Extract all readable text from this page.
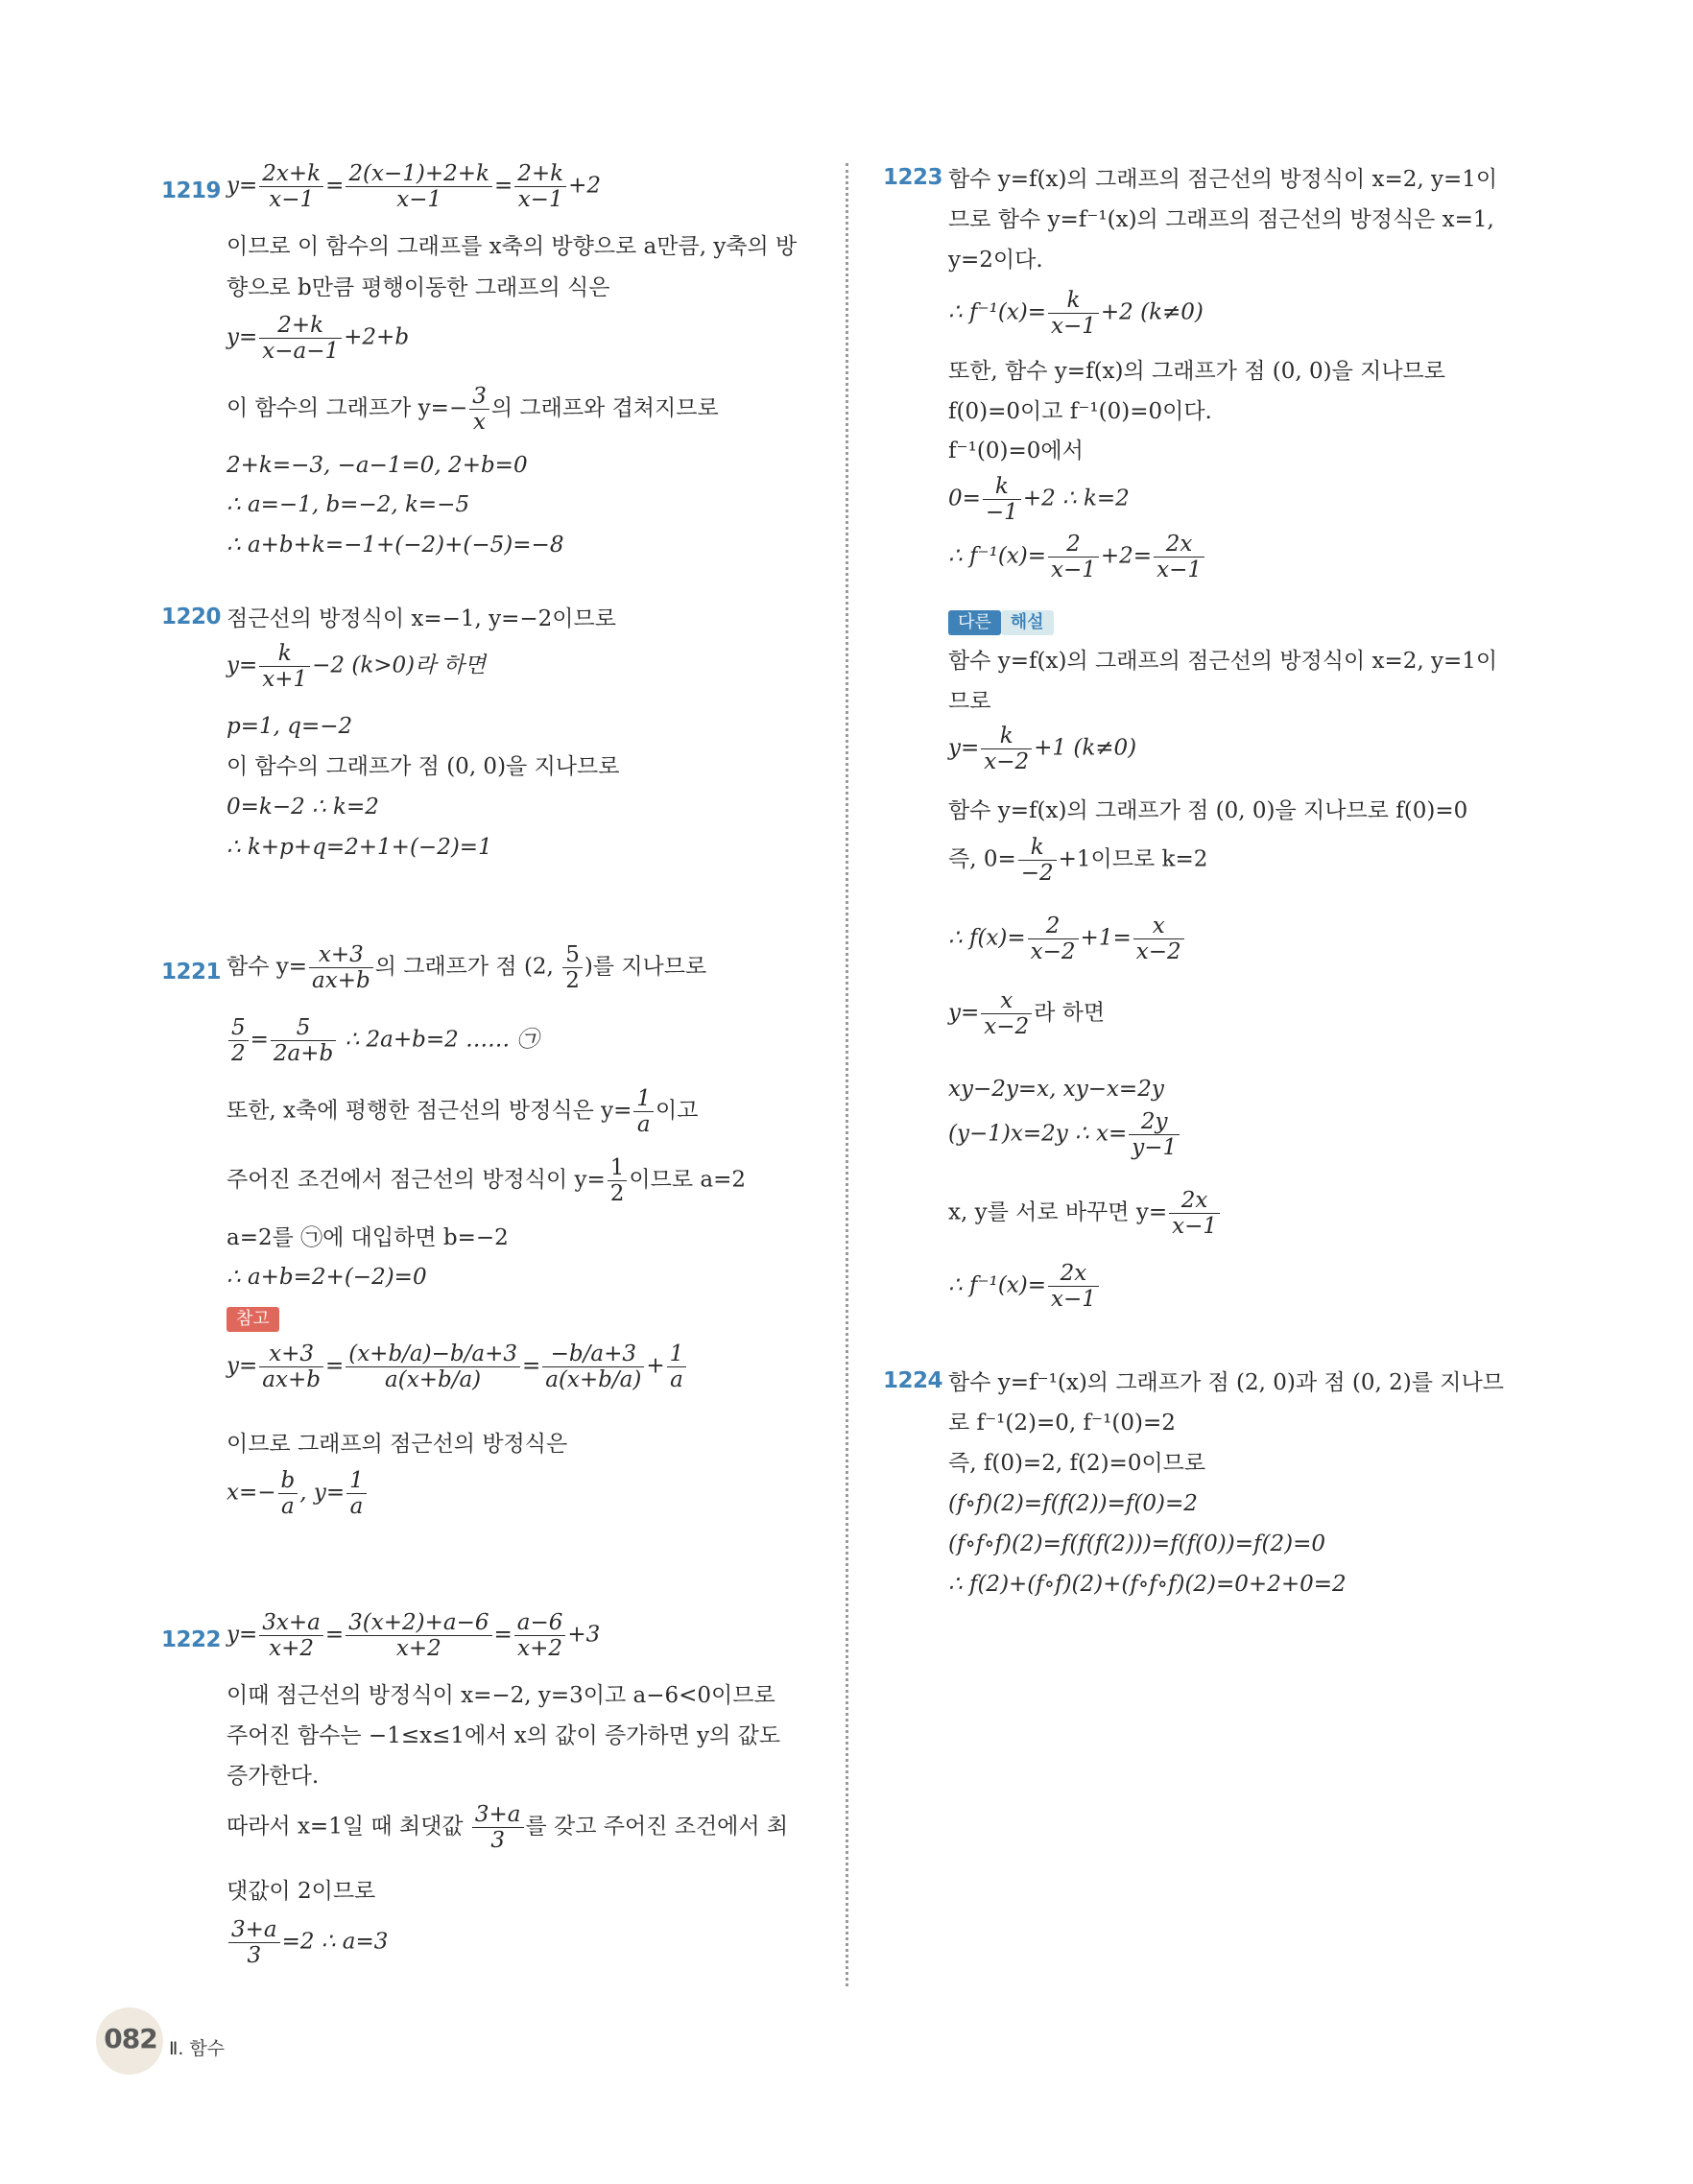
1219 $y= \frac{2x+k}{x-1} = \frac{2(x-1)+2+k}{x-1} = \frac{2+k}{x-1} +2$
이므로 이 함수의 그래프를 x축의 방향으로 a만큼, y축의 방
향으로 b만큼 평행이동한 그래프의 식은
$y= \frac{2+k}{x-a-1} +2+b$
이 함수의 그래프가 $y=- \frac{3}{x}$ 의 그래프와 겹쳐지므로
2+k=−3, −a−1=0, 2+b=0
∴ a=−1, b=−2, k=−5
∴ a+b+k=−1+(−2)+(−5)=−8
1220 점근선의 방정식이 x=−1, y=−2이므로
$y= \frac{k}{x+1} -2$ (k>0)라 하면
p=1, q=−2
이 함수의 그래프가 점 (0, 0)을 지나므로
0=k−2 ∴ k=2
∴ k+p+q=2+1+(−2)=1
1221 함수 $y= \frac{x+3}{ax+b}$ 의 그래프가 점 (2, $\frac{5}{2}$ )를 지나므로
$\frac{5}{2} = \frac{5}{2a+b}$ ∴ 2a+b=2 …… ㉠
또한, x축에 평행한 점근선의 방정식은 $y= \frac{1}{a}$ 이고
주어진 조건에서 점근선의 방정식이 $y= \frac{1}{2}$ 이므로 a=2
a=2를 ㉠에 대입하면 b=−2
∴ a+b=2+(−2)=0
참고
$y= \frac{x+3}{ax+b} = \frac{(x+b/a)-b/a+3}{a(x+b/a)} = \frac{-b/a+3}{a(x+b/a)} + \frac{1}{a}$
이므로 그래프의 점근선의 방정식은
$x=- \frac{b}{a}$ , $y= \frac{1}{a}$
1222 $y= \frac{3x+a}{x+2} = \frac{3(x+2)+a-6}{x+2} = \frac{a-6}{x+2} +3$
이때 점근선의 방정식이 x=−2, y=3이고 a−6<0이므로
주어진 함수는 −1≤x≤1에서 x의 값이 증가하면 y의 값도
증가한다.
따라서 x=1일 때 최댓값 $\frac{3+a}{3}$ 를 갖고 주어진 조건에서 최
댓값이 2이므로
$\frac{3+a}{3} =2$ ∴ a=3
1223 함수 y=f(x)의 그래프의 점근선의 방정식이 x=2, y=1이
므로 함수 y=f⁻¹(x)의 그래프의 점근선의 방정식은 x=1,
y=2이다.
∴ $f^{-1}(x)= \frac{k}{x-1} +2$ (k≠0)
또한, 함수 y=f(x)의 그래프가 점 (0, 0)을 지나므로
f(0)=0이고 f⁻¹(0)=0이다.
f⁻¹(0)=0에서
$0= \frac{k}{-1} +2$ ∴ k=2
∴ $f^{-1}(x)= \frac{2}{x-1} +2= \frac{2x}{x-1}$
다른 해설
함수 y=f(x)의 그래프의 점근선의 방정식이 x=2, y=1이
므로
$y= \frac{k}{x-2} +1$ (k≠0)
함수 y=f(x)의 그래프가 점 (0, 0)을 지나므로 f(0)=0
즉, $0= \frac{k}{-2} +1$이므로 k=2
∴ $f(x)= \frac{2}{x-2} +1= \frac{x}{x-2}$
$y= \frac{x}{x-2}$ 라 하면
xy−2y=x, xy−x=2y
(y−1)x=2y ∴ $x= \frac{2y}{y-1}$
x, y를 서로 바꾸면 $y= \frac{2x}{x-1}$
∴ $f^{-1}(x)= \frac{2x}{x-1}$
1224 함수 y=f⁻¹(x)의 그래프가 점 (2, 0)과 점 (0, 2)를 지나므
로 f⁻¹(2)=0, f⁻¹(0)=2
즉, f(0)=2, f(2)=0이므로
(f∘f)(2)=f(f(2))=f(0)=2
(f∘f∘f)(2)=f(f(f(2)))=f(f(0))=f(2)=0
∴ f(2)+(f∘f)(2)+(f∘f∘f)(2)=0+2+0=2
082 Ⅱ. 함수
